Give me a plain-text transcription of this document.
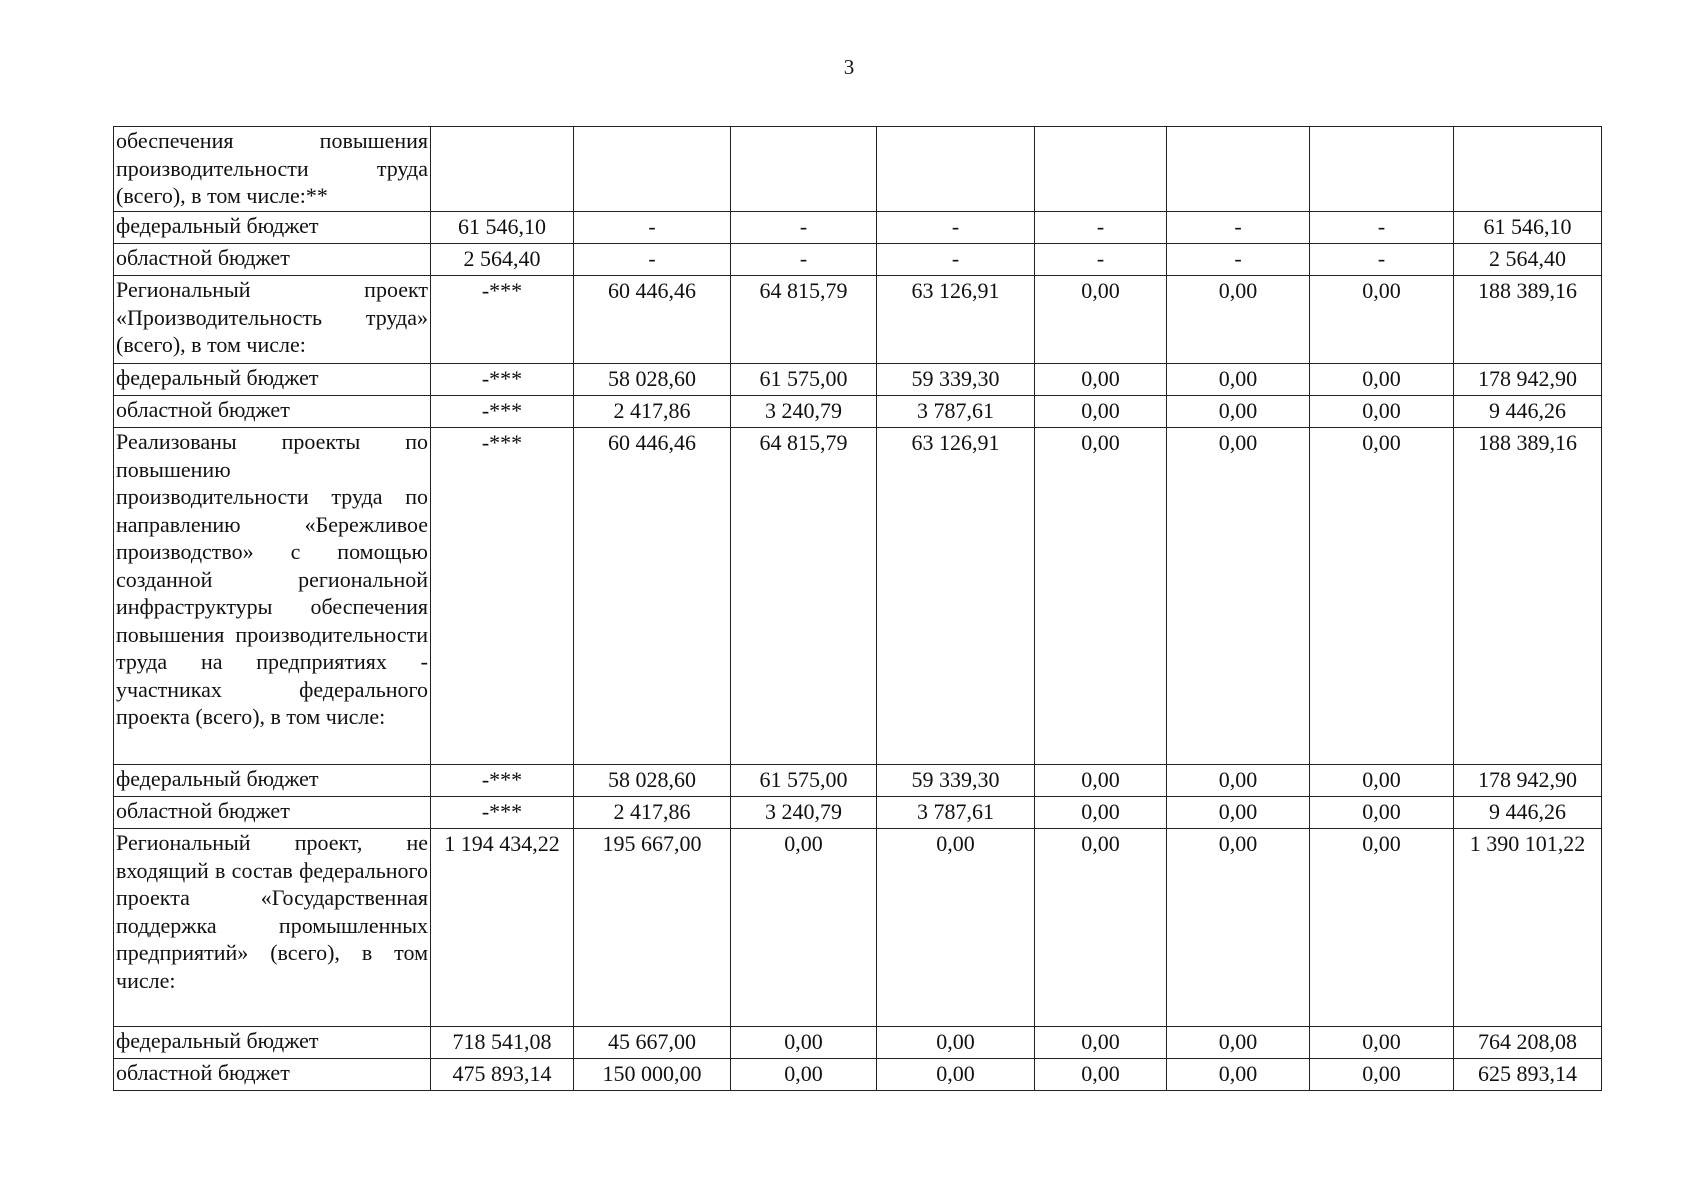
3
обеспечения повышения производительности труда (всего), в том числе:**								
федеральный бюджет	61 546,10	-	-	-	-	-	-	61 546,10
областной бюджет	2 564,40	-	-	-	-	-	-	2 564,40
Региональный проект «Производительность труда» (всего), в том числе:	-***	60 446,46	64 815,79	63 126,91	0,00	0,00	0,00	188 389,16
федеральный бюджет	-***	58 028,60	61 575,00	59 339,30	0,00	0,00	0,00	178 942,90
областной бюджет	-***	2 417,86	3 240,79	3 787,61	0,00	0,00	0,00	9 446,26
Реализованы проекты по повышению производительности труда по направлению «Бережливое производство» с помощью созданной региональной инфраструктуры обеспечения повышения производительности труда на предприятиях - участниках федерального проекта (всего), в том числе:	-***	60 446,46	64 815,79	63 126,91	0,00	0,00	0,00	188 389,16
федеральный бюджет	-***	58 028,60	61 575,00	59 339,30	0,00	0,00	0,00	178 942,90
областной бюджет	-***	2 417,86	3 240,79	3 787,61	0,00	0,00	0,00	9 446,26
Региональный проект, не входящий в состав федерального проекта «Государственная поддержка промышленных предприятий» (всего), в том числе:	1 194 434,22	195 667,00	0,00	0,00	0,00	0,00	0,00	1 390 101,22
федеральный бюджет	718 541,08	45 667,00	0,00	0,00	0,00	0,00	0,00	764 208,08
областной бюджет	475 893,14	150 000,00	0,00	0,00	0,00	0,00	0,00	625 893,14
